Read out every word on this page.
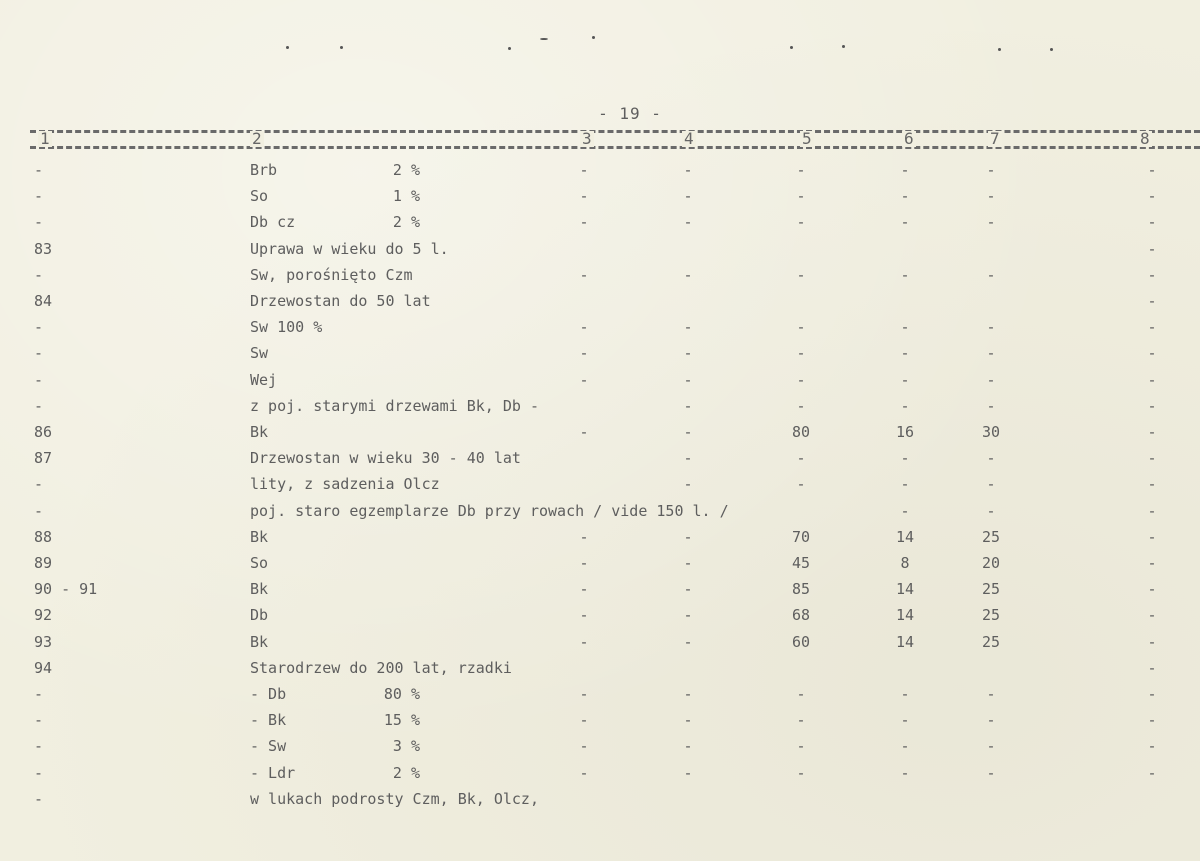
- 19 -
1	2	3	4	5	6	7	8
-	Brb	2 %	-	-	-	-	-	-
-	So	1 %	-	-	-	-	-	-
-	Db cz	2 %	-	-	-	-	-	-
83	Uprawa w wieku do 5 l.	-
-	Sw, porośnięto Czm	-	-	-	-	-	-
84	Drzewostan do 50 lat	-
-	Sw 100 %	-	-	-	-	-	-
-	Sw	-	-	-	-	-	-
-	Wej	-	-	-	-	-	-
-	z poj. starymi drzewami Bk, Db -	-	-	-	-	-
86	Bk	-	-	80	16	30	-
87	Drzewostan w wieku 30 - 40 lat	-	-	-	-	-
-	lity, z sadzenia Olcz	-	-	-	-	-
-	poj. staro egzemplarze Db przy rowach / vide 150 l. /	-	-	-
88	Bk	-	-	70	14	25	-
89	So	-	-	45	8	20	-
90 - 91	Bk	-	-	85	14	25	-
92	Db	-	-	68	14	25	-
93	Bk	-	-	60	14	25	-
94	Starodrzew do 200 lat, rzadki	-
-	- Db	80 %	-	-	-	-	-	-
-	- Bk	15 %	-	-	-	-	-	-
-	- Sw	3 %	-	-	-	-	-	-
-	- Ldr	2 %	-	-	-	-	-	-
-	w lukach podrosty Czm, Bk, Olcz,
